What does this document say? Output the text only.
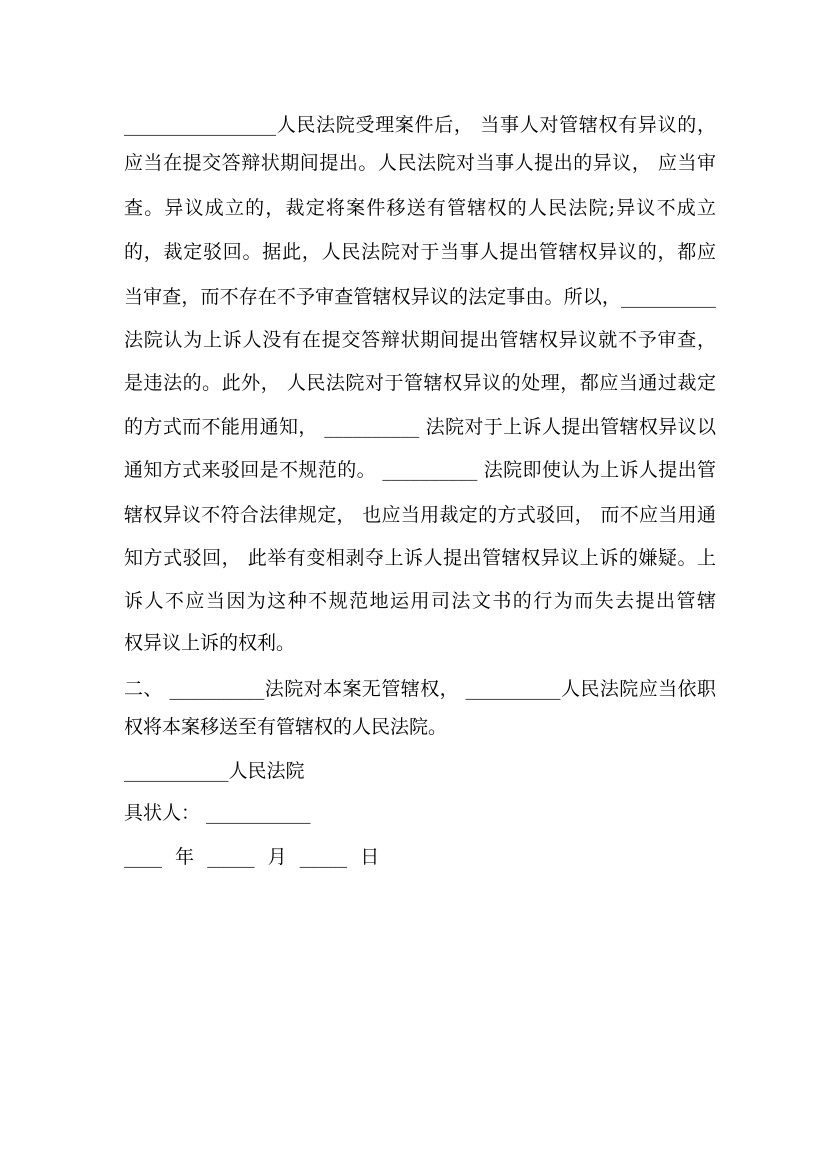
________________人民法院受理案件后， 当事人对管辖权有异议的，
应当在提交答辩状期间提出。人民法院对当事人提出的异议， 应当审
查。异议成立的，裁定将案件移送有管辖权的人民法院;异议不成立
的，裁定驳回。据此，人民法院对于当事人提出管辖权异议的，都应
当审查，而不存在不予审查管辖权异议的法定事由。所以，__________
法院认为上诉人没有在提交答辩状期间提出管辖权异议就不予审查，
是违法的。此外， 人民法院对于管辖权异议的处理，都应当通过裁定
的方式而不能用通知， __________ 法院对于上诉人提出管辖权异议以
通知方式来驳回是不规范的。 __________ 法院即使认为上诉人提出管
辖权异议不符合法律规定， 也应当用裁定的方式驳回， 而不应当用通
知方式驳回， 此举有变相剥夺上诉人提出管辖权异议上诉的嫌疑。上
诉人不应当因为这种不规范地运用司法文书的行为而失去提出管辖
权异议上诉的权利。
二、 __________法院对本案无管辖权， __________人民法院应当依职
权将本案移送至有管辖权的人民法院。
___________人民法院
具状人： ___________
____ 年 _____ 月 _____ 日
